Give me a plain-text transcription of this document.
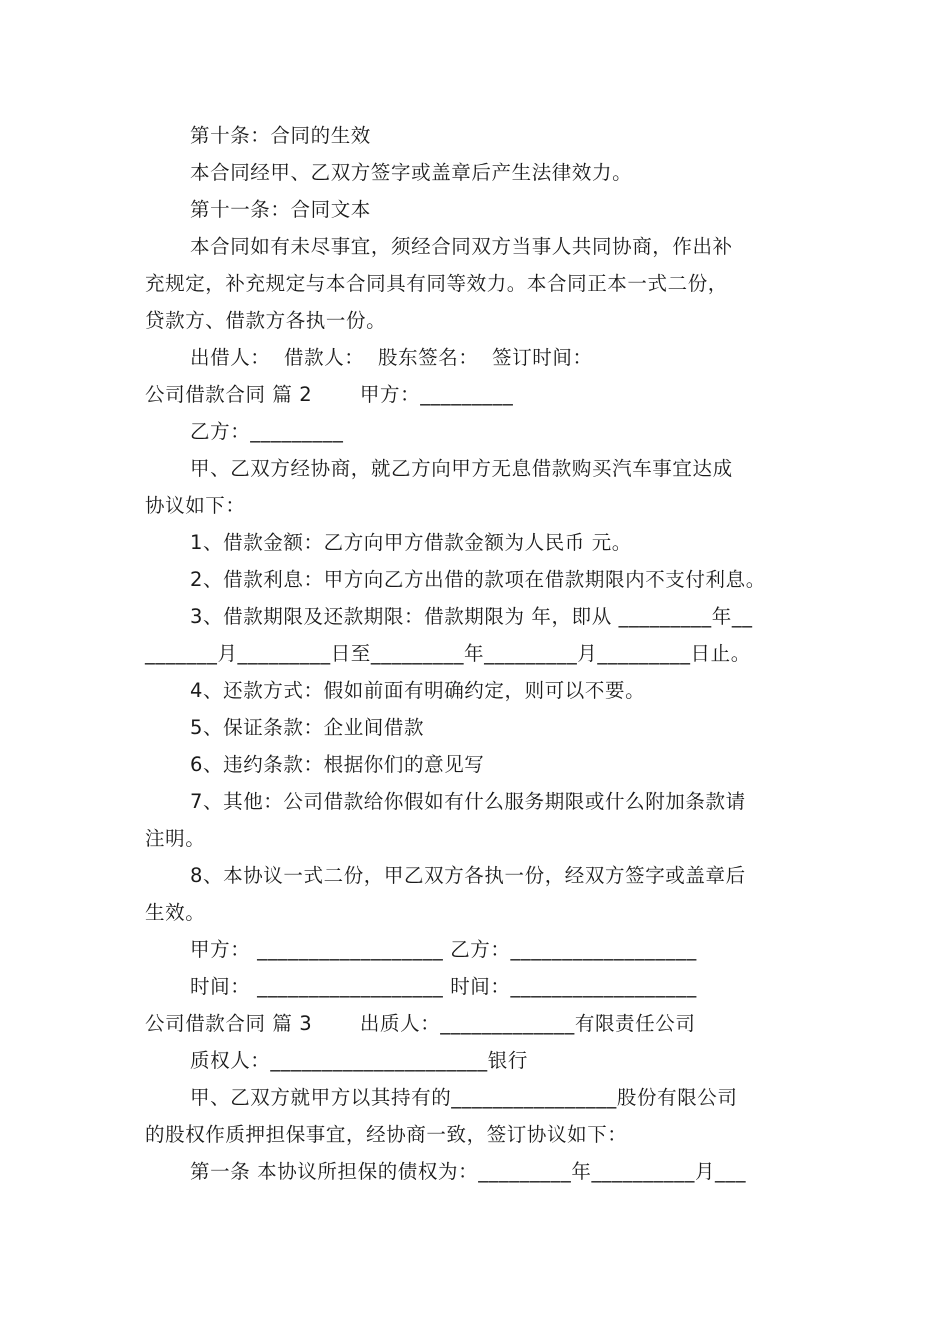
第十条：合同的生效
本合同经甲、乙双方签字或盖章后产生法律效力。
第十一条：合同文本
本合同如有未尽事宜，须经合同双方当事人共同协商，作出补
充规定，补充规定与本合同具有同等效力。本合同正本一式二份，
贷款方、借款方各执一份。
出借人：  借款人：  股东签名：  签订时间：
公司借款合同 篇 2       甲方：_________
乙方：_________
甲、乙双方经协商，就乙方向甲方无息借款购买汽车事宜达成
协议如下：
1、借款金额：乙方向甲方借款金额为人民币 元。
2、借款利息：甲方向乙方出借的款项在借款期限内不支付利息。
3、借款期限及还款期限：借款期限为 年，即从 _________年__
_______月_________日至_________年_________月_________日止。
4、还款方式：假如前面有明确约定，则可以不要。
5、保证条款：企业间借款
6、违约条款：根据你们的意见写
7、其他：公司借款给你假如有什么服务期限或什么附加条款请
注明。
8、本协议一式二份，甲乙双方各执一份，经双方签字或盖章后
生效。
甲方： __________________ 乙方：__________________
时间： __________________ 时间：__________________
公司借款合同 篇 3       出质人：_____________有限责任公司
质权人：_____________________银行
甲、乙双方就甲方以其持有的________________股份有限公司
的股权作质押担保事宜，经协商一致，签订协议如下：
第一条 本协议所担保的债权为：_________年__________月___
